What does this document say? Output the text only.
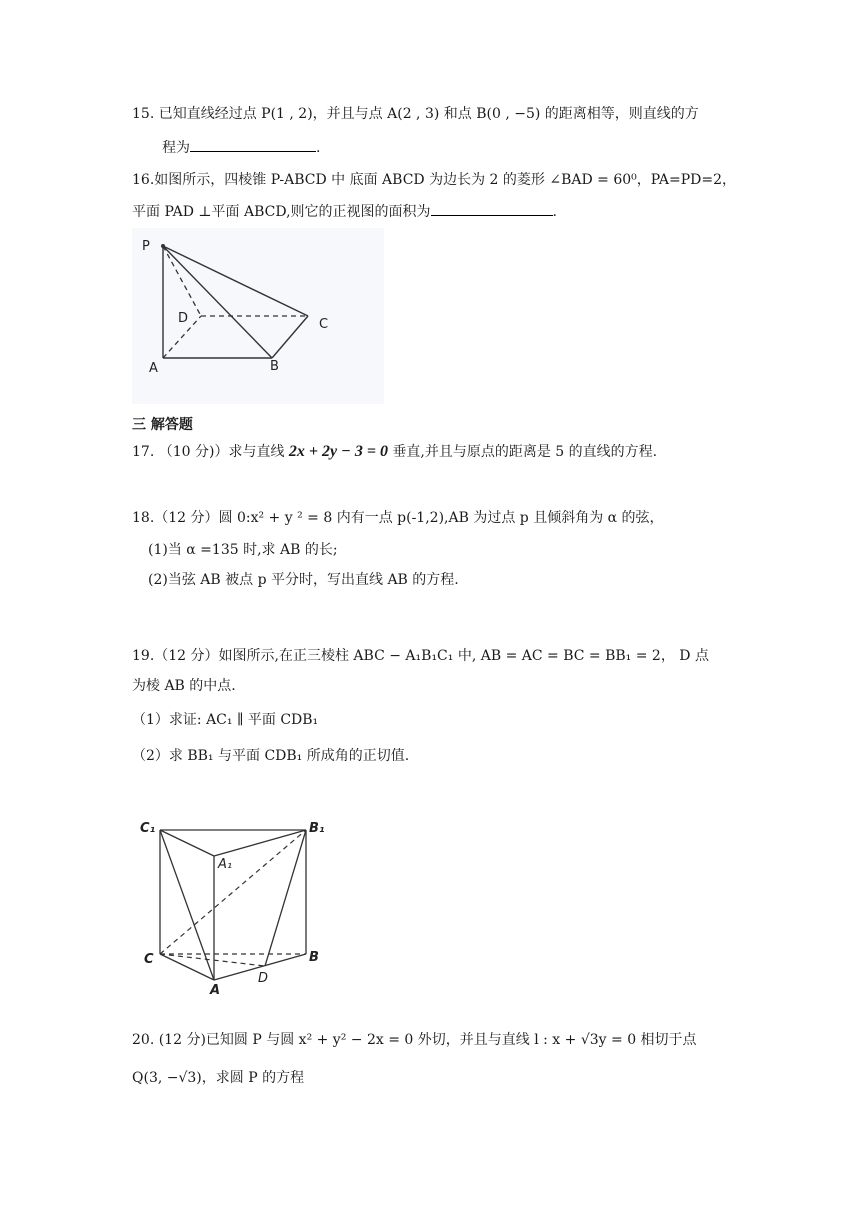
15. 已知直线经过点 P(1 , 2)，并且与点 A(2 , 3) 和点 B(0 , −5) 的距离相等，则直线的方
程为	.
16.如图所示，四棱锥 P-ABCD 中 底面 ABCD 为边长为 2 的菱形 ∠BAD = 60⁰，PA=PD=2，
平面 PAD ⊥平面 ABCD,则它的正视图的面积为	.
P
D	C
A	B
三 解答题
17. （10 分)）求与直线 2x + 2y − 3 = 0 垂直,并且与原点的距离是 5 的直线的方程.
18.（12 分）圆 0:x² + y ² = 8 内有一点 p(-1,2),AB 为过点 p 且倾斜角为 α 的弦，
(1)当 α =135 时,求 AB 的长;
(2)当弦 AB 被点 p 平分时，写出直线 AB 的方程.
19.（12 分）如图所示,在正三棱柱 ABC − A₁B₁C₁ 中, AB = AC = BC = BB₁ = 2， D 点
为棱 AB 的中点.
（1）求证: AC₁ ∥ 平面 CDB₁
（2）求 BB₁ 与平面 CDB₁ 所成角的正切值.
C₁	B₁
A₁
C	B
A
D
20. (12 分)已知圆 P 与圆 x² + y² − 2x = 0 外切，并且与直线 l : x + √3y = 0 相切于点
Q(3, −√3)，求圆 P 的方程
